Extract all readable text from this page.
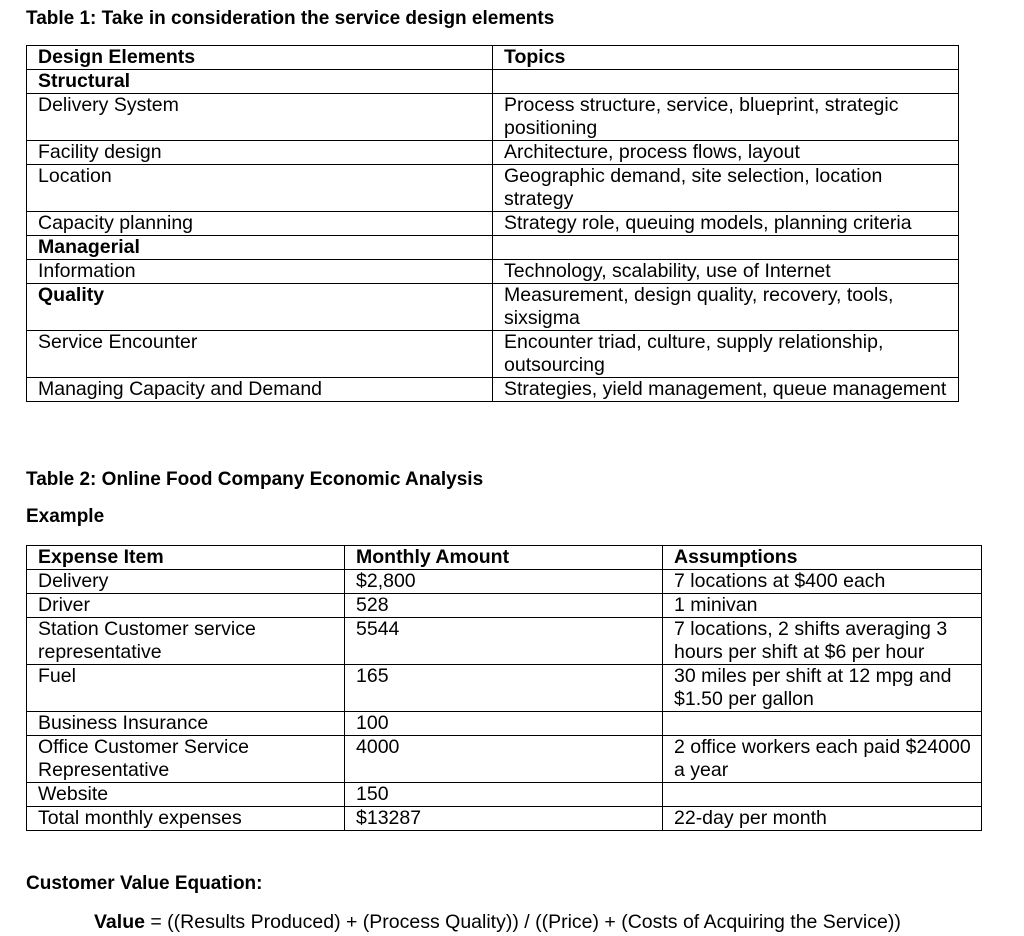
Table 1: Take in consideration the service design elements
Design Elements	Topics
Structural	
Delivery System	Process structure, service, blueprint, strategic positioning
Facility design	Architecture, process flows, layout
Location	Geographic demand, site selection, location strategy
Capacity planning	Strategy role, queuing models, planning criteria
Managerial	
Information	Technology, scalability, use of Internet
Quality	Measurement, design quality, recovery, tools, sixsigma
Service Encounter	Encounter triad, culture, supply relationship, outsourcing
Managing Capacity and Demand	Strategies, yield management, queue management
Table 2: Online Food Company Economic Analysis
Example
Expense Item	Monthly Amount	Assumptions
Delivery	$2,800	7 locations at $400 each
Driver	528	1 minivan
Station Customer service representative	5544	7 locations, 2 shifts averaging 3 hours per shift at $6 per hour
Fuel	165	30 miles per shift at 12 mpg and $1.50 per gallon
Business Insurance	100	
Office Customer Service Representative	4000	2 office workers each paid $24000 a year
Website	150	
Total monthly expenses	$13287	22-day per month
Customer Value Equation:
Value = ((Results Produced) + (Process Quality)) / ((Price) + (Costs of Acquiring the Service))
